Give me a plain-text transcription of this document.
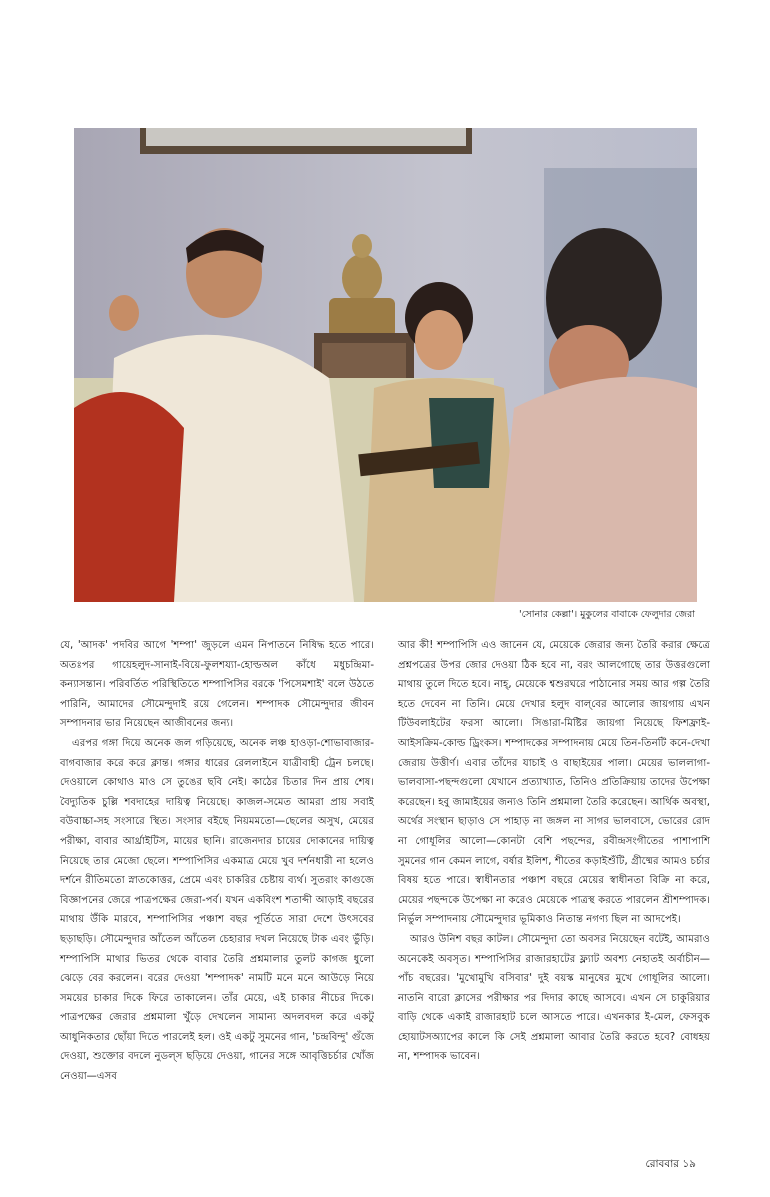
'সোনার কেল্লা'। মুকুলের বাবাকে ফেলুদার জেরা

যে, 'আদক' পদবির আগে 'শম্পা' জুড়লে এমন নিপাতনে নিষিদ্ধ হতে পারে। অতঃপর গায়েহলুদ-সানাই-বিয়ে-ফুলশয্যা-হোল্ডঅল কাঁধে মধুচন্দ্রিমা-কন্যাসন্তান। পরিবর্তিত পরিস্থিতিতে শম্পাপিসির বরকে 'পিসেমশাই' বলে উঠতে পারিনি, আমাদের সৌমেন্দুদাই রয়ে গেলেন। শম্পাদক সৌমেন্দুদার জীবন সম্পাদনার ভার নিয়েছেন আজীবনের জন্য।

এরপর গঙ্গা দিয়ে অনেক জল গড়িয়েছে, অনেক লঞ্চ হাওড়া-শোভাবাজার-বাগবাজার করে করে ক্লান্ত। গঙ্গার ধারের রেললাইনে যাত্রীবাহী ট্রেন চলছে। দেওয়ালে কোথাও মাও সে তুঙের ছবি নেই। কাঠের চিতার দিন প্রায় শেষ। বৈদ্যুতিক চুল্লি শবদাহের দায়িত্ব নিয়েছে। কাজল-সমেত আমরা প্রায় সবাই বউবাচ্চা-সহ সংসারে স্থিত। সংসার বইছে নিয়মমতো—ছেলের অসুখ, মেয়ের পরীক্ষা, বাবার আর্থ্রাইটিস, মায়ের ছানি। রাজেনদার চায়ের দোকানের দায়িত্ব নিয়েছে তার মেজো ছেলে। শম্পাপিসির একমাত্র মেয়ে খুব দর্শনধারী না হলেও দর্শনে রীতিমতো স্নাতকোত্তর, প্রেমে এবং চাকরির চেষ্টায় ব্যর্থ। সুতরাং কাগুজে বিজ্ঞাপনের জেরে পাত্রপক্ষের জেরা-পর্ব। যখন একবিংশ শতাব্দী আড়াই বছরের মাথায় উঁকি মারবে, শম্পাপিসির পঞ্চাশ বছর পূর্তিতে সারা দেশে উৎসবের ছড়াছড়ি। সৌমেন্দুদার আঁতেল আঁতেল চেহারার দখল নিয়েছে টাক এবং ভুঁড়ি। শম্পাপিসি মাথার ভিতর থেকে বাবার তৈরি প্রশ্নমালার তুলট কাগজ ধুলো ঝেড়ে বের করলেন। বরের দেওয়া 'শম্পাদক' নামটি মনে মনে আউড়ে নিয়ে সময়ের চাকার দিকে ফিরে তাকালেন। তাঁর মেয়ে, এই চাকার নীচের দিকে। পাত্রপক্ষের জেরার প্রশ্নমালা খুঁড়ে দেখলেন সামান্য অদলবদল করে একটু আধুনিকতার ছোঁয়া দিতে পারলেই হল। ওই একটু সুমনের গান, 'চন্দ্রবিন্দু' গুঁজে দেওয়া, শুক্তোর বদলে নুডল্‌স ছড়িয়ে দেওয়া, গানের সঙ্গে আবৃত্তিচর্চার খোঁজ নেওয়া—এসব

আর কী! শম্পাপিসি এও জানেন যে, মেয়েকে জেরার জন্য তৈরি করার ক্ষেত্রে প্রশ্নপত্রের উপর জোর দেওয়া ঠিক হবে না, বরং আলগোছে তার উত্তরগুলো মাথায় তুলে দিতে হবে। নাহ্, মেয়েকে শ্বশুরঘরে পাঠানোর সময় আর গল্প তৈরি হতে দেবেন না তিনি। মেয়ে দেখার হলুদ বাল্‌বের আলোর জায়গায় এখন টিউবলাইটের ফরসা আলো। সিঙারা-মিষ্টির জায়গা নিয়েছে ফিশফ্রাই-আইসক্রিম-কোল্ড ড্রিংকস। শম্পাদকের সম্পাদনায় মেয়ে তিন-তিনটি কনে-দেখা জেরায় উত্তীর্ণ। এবার তাঁদের যাচাই ও বাছাইয়ের পালা। মেয়ের ভাললাগা-ভালবাসা-পছন্দগুলো যেখানে প্রত্যাখ্যাত, তিনিও প্রতিক্রিয়ায় তাদের উপেক্ষা করেছেন। হবু জামাইয়ের জন্যও তিনি প্রশ্নমালা তৈরি করেছেন। আর্থিক অবস্থা, অর্থের সংস্থান ছাড়াও সে পাহাড় না জঙ্গল না সাগর ভালবাসে, ভোরের রোদ না গোধূলির আলো—কোনটা বেশি পছন্দের, রবীন্দ্রসংগীতের পাশাপাশি সুমনের গান কেমন লাগে, বর্ষার ইলিশ, শীতের কড়াইশুঁটি, গ্রীষ্মের আমও চর্চার বিষয় হতে পারে। স্বাধীনতার পঞ্চাশ বছরে মেয়ের স্বাধীনতা বিক্রি না করে, মেয়ের পছন্দকে উপেক্ষা না করেও মেয়েকে পাত্রস্থ করতে পারলেন শ্রীশম্পাদক। নির্ভুল সম্পাদনায় সৌমেন্দুদার ভূমিকাও নিতান্ত নগণ্য ছিল না আদপেই।

আরও উনিশ বছর কাটল। সৌমেন্দুদা তো অবসর নিয়েছেন বটেই, আমরাও অনেকেই অবসৃত। শম্পাপিসির রাজারহাটের ফ্ল্যাট অবশ্য নেহাতই অর্বাচীন—পাঁচ বছরের। 'মুখোমুখি বসিবার' দুই বয়স্ক মানুষের মুখে গোধূলির আলো। নাতনি বারো ক্লাসের পরীক্ষার পর দিদার কাছে আসবে। এখন সে চাকুরিয়ার বাড়ি থেকে একাই রাজারহাট চলে আসতে পারে। এখনকার ই-মেল, ফেসবুক হোয়াটসঅ্যাপের কালে কি সেই প্রশ্নমালা আবার তৈরি করতে হবে? বোধহয় না, শম্পাদক ভাবেন।

রোববার ১৯
